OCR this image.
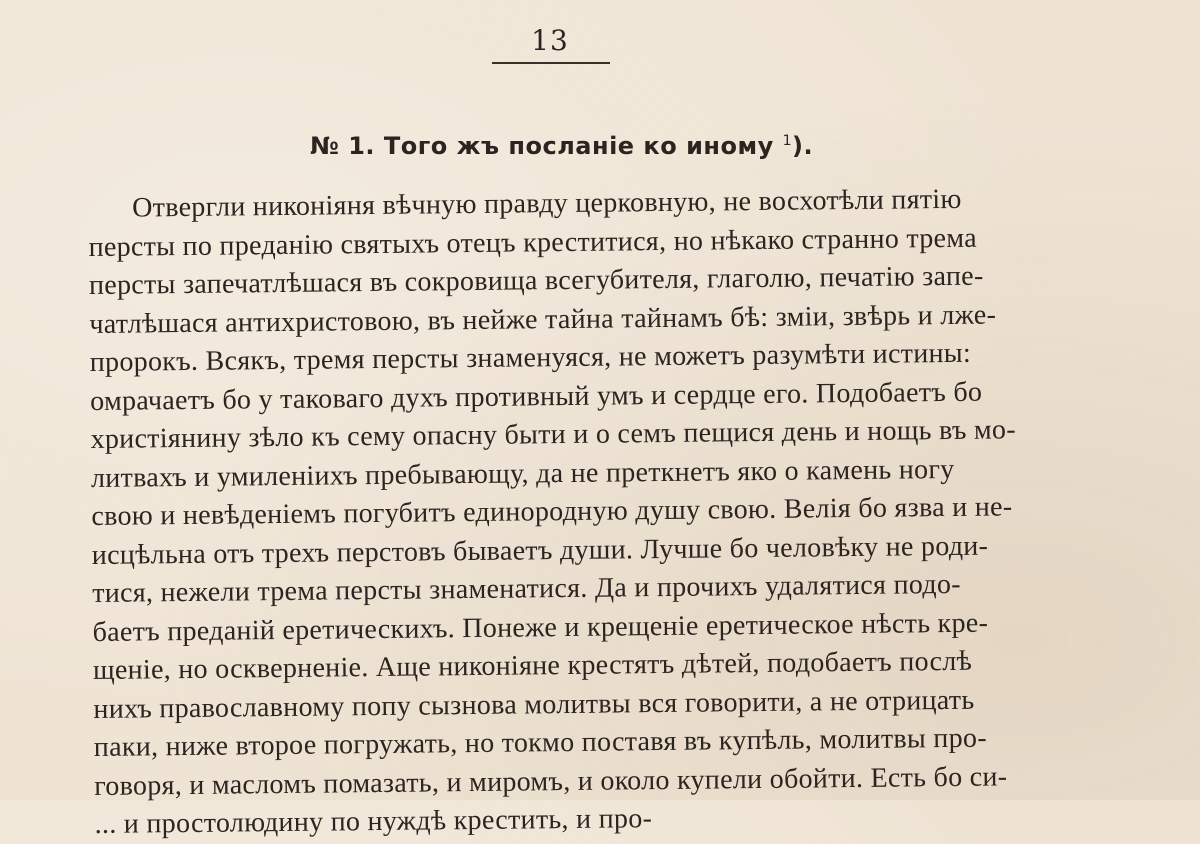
13
№ 1. Того жъ посланіе ко иному $^1$).
Отвергли никоніяня вѣчную правду церковную, не восхотѣли пятію
персты по преданію святыхъ отецъ креститися, но нѣкако странно трема
персты запечатлѣшася въ сокровища всегубителя, глаголю, печатію запе-
чатлѣшася антихристовою, въ нейже тайна тайнамъ бѣ: зміи, звѣрь и лже-
пророкъ. Всякъ, тремя персты знаменуяся, не можетъ разумѣти истины:
омрачаетъ бо у таковаго духъ противный умъ и сердце его. Подобаетъ бо
христіянину зѣло къ сему опасну быти и о семъ пещися день и нощь въ мо-
литвахъ и умиленіихъ пребывающу, да не преткнетъ яко о камень ногу
свою и невѣденіемъ погубитъ единородную душу свою. Велія бо язва и не-
исцѣльна отъ трехъ перстовъ бываетъ души. Лучше бо человѣку не роди-
тися, нежели трема персты знаменатися. Да и прочихъ удалятися подо-
баетъ преданій еретическихъ. Понеже и крещеніе еретическое нѣсть кре-
щеніе, но оскверненіе. Аще никоніяне крестятъ дѣтей, подобаетъ послѣ
нихъ православному попу сызнова молитвы вся говорити, а не отрицать
паки, ниже второе погружать, но токмо поставя въ купѣль, молитвы про-
говоря, и масломъ помазать, и миромъ, и около купели обойти. Есть бо си-
... и простолюдину по нуждѣ крестить, и про-
